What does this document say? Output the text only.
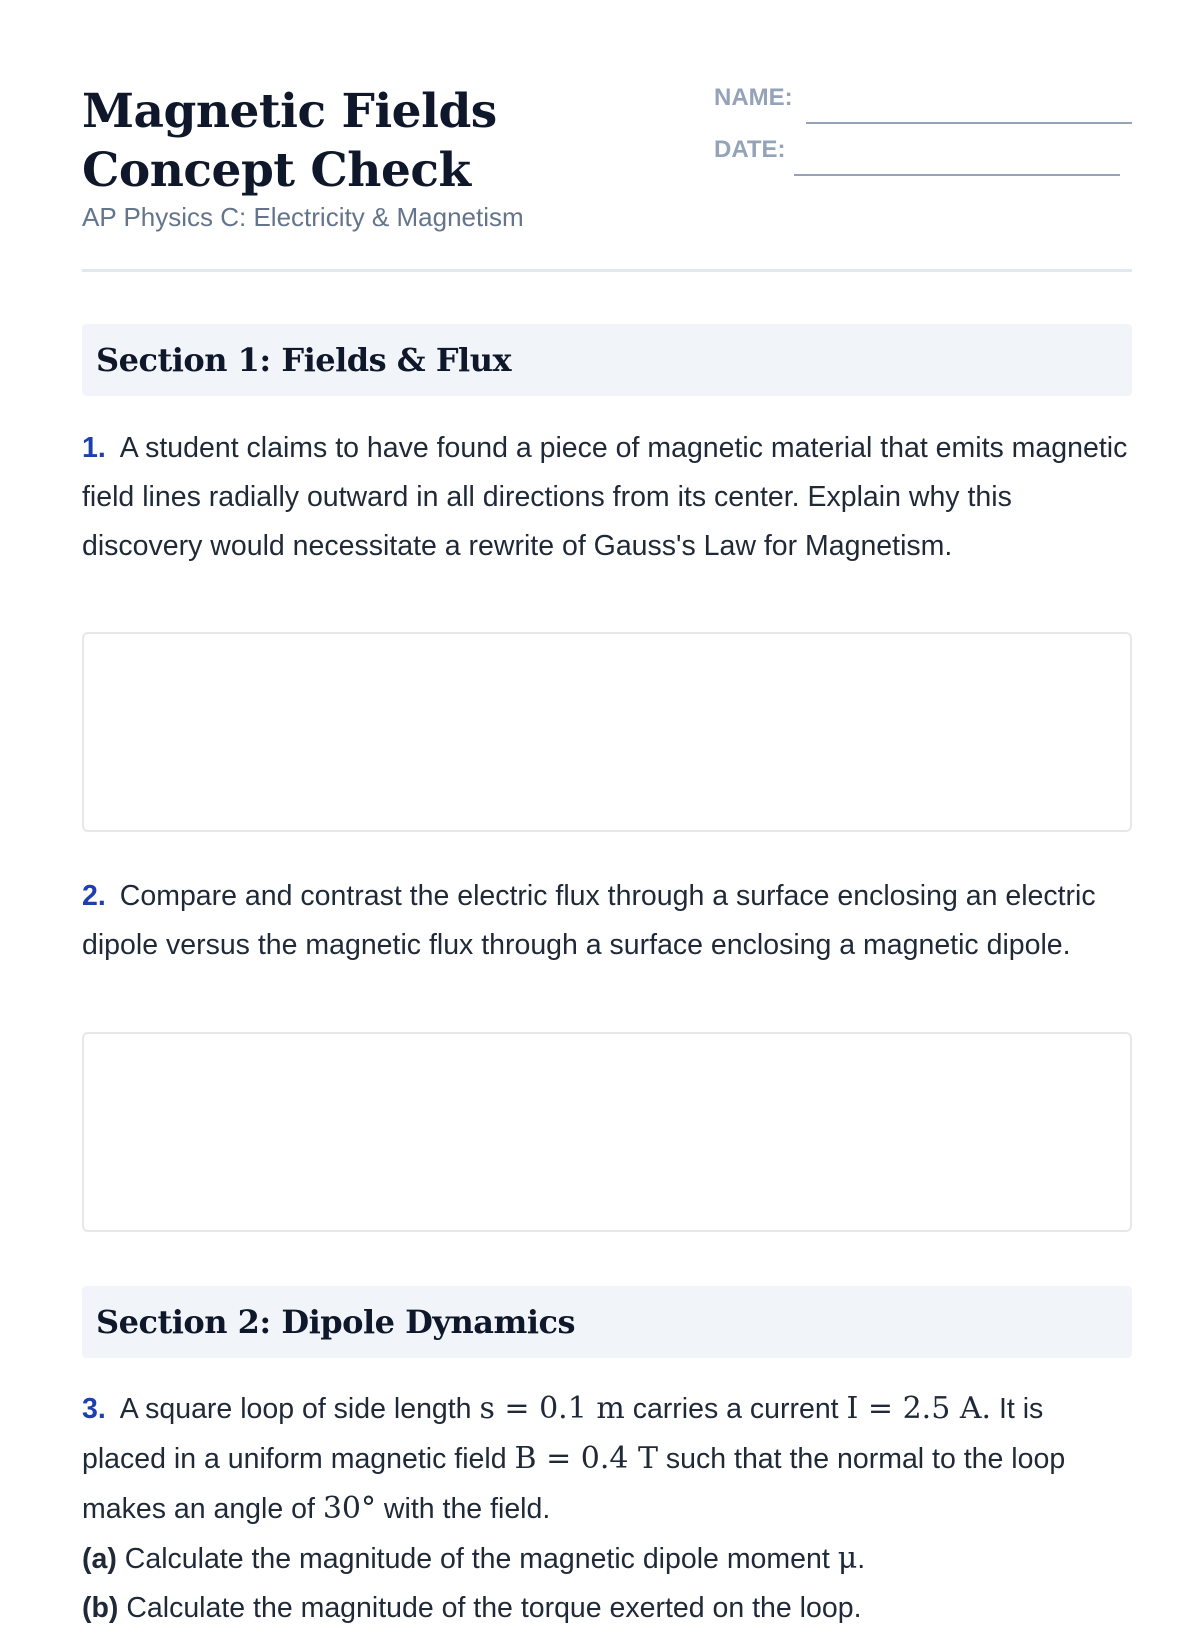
Magnetic Fields Concept Check
AP Physics C: Electricity & Magnetism
NAME:
DATE:
Section 1: Fields & Flux
1. A student claims to have found a piece of magnetic material that emits magnetic field lines radially outward in all directions from its center. Explain why this discovery would necessitate a rewrite of Gauss's Law for Magnetism.
2. Compare and contrast the electric flux through a surface enclosing an electric dipole versus the magnetic flux through a surface enclosing a magnetic dipole.
Section 2: Dipole Dynamics
3. A square loop of side length s = 0.1 m carries a current I = 2.5 A. It is placed in a uniform magnetic field B = 0.4 T such that the normal to the loop makes an angle of 30° with the field.
(a) Calculate the magnitude of the magnetic dipole moment μ.
(b) Calculate the magnitude of the torque exerted on the loop.
